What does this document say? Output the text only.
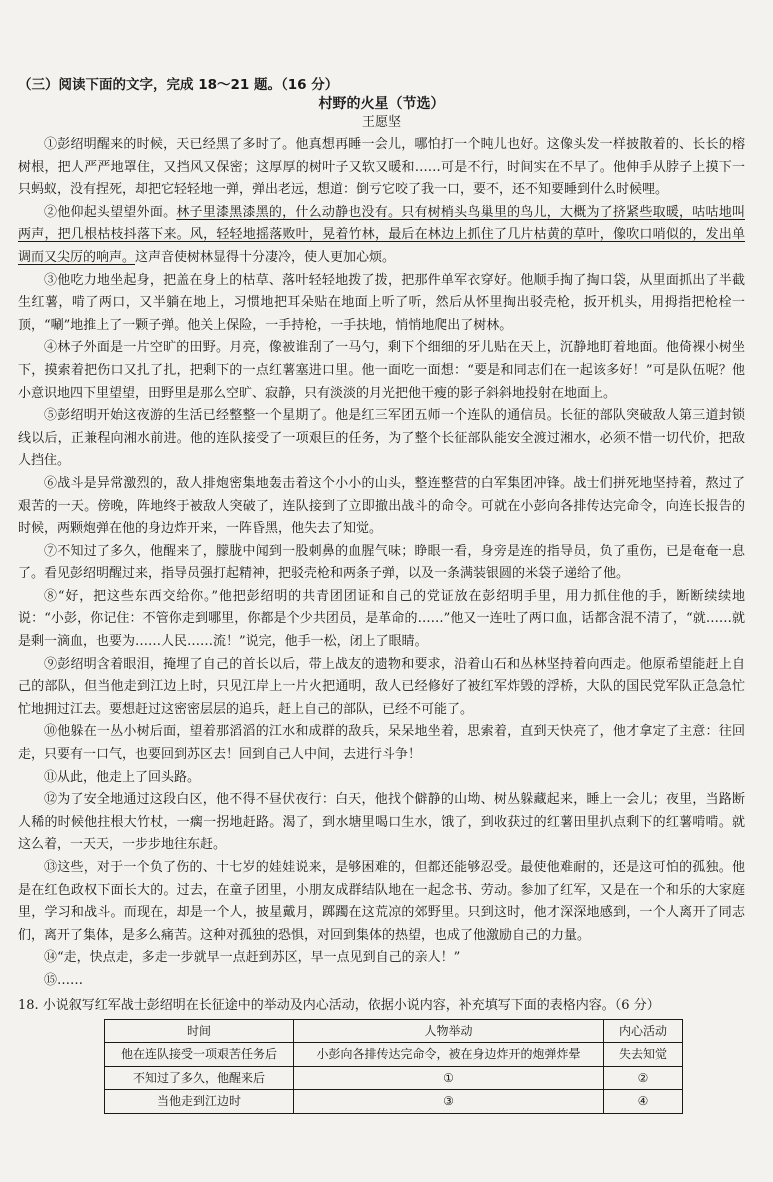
（三）阅读下面的文字，完成 18～21 题。（16 分）
村野的火星（节选）
王愿坚

①彭绍明醒来的时候，天已经黑了多时了。他真想再睡一会儿，哪怕打一个盹儿也好。这像头发一样披散着的、长长的榕树根，把人严严地罩住，又挡风又保密；这厚厚的树叶子又软又暖和……可是不行，时间实在不早了。他伸手从脖子上摸下一只蚂蚁，没有捏死，却把它轻轻地一弹，弹出老远，想道：倒亏它咬了我一口，要不，还不知要睡到什么时候哩。

②他仰起头望望外面。林子里漆黑漆黑的，什么动静也没有。只有树梢头鸟巢里的鸟儿，大概为了挤紧些取暖，咕咕地叫两声，把几根枯枝抖落下来。风，轻轻地摇落败叶，晃着竹林，最后在林边上抓住了几片枯黄的草叶，像吹口哨似的，发出单调而又尖厉的响声。这声音使树林显得十分凄冷，使人更加心烦。

③他吃力地坐起身，把盖在身上的枯草、落叶轻轻地拨了拨，把那件单军衣穿好。他顺手掏了掏口袋，从里面抓出了半截生红薯，啃了两口，又半躺在地上，习惯地把耳朵贴在地面上听了听，然后从怀里掏出驳壳枪，扳开机头，用拇指把枪栓一顶，“唰”地推上了一颗子弹。他关上保险，一手持枪，一手扶地，悄悄地爬出了树林。

④林子外面是一片空旷的田野。月亮，像被谁刮了一马勺，剩下个细细的牙儿贴在天上，沉静地盯着地面。他倚裸小树坐下，摸索着把伤口又扎了扎，把剩下的一点红薯塞进口里。他一面吃一面想：“要是和同志们在一起该多好！”可是队伍呢？他小意识地四下里望望，田野里是那么空旷、寂静，只有淡淡的月光把他干瘦的影子斜斜地投射在地面上。

⑤彭绍明开始这夜游的生活已经整整一个星期了。他是红三军团五师一个连队的通信员。长征的部队突破敌人第三道封锁线以后，正兼程向湘水前进。他的连队接受了一项艰巨的任务，为了整个长征部队能安全渡过湘水，必须不惜一切代价，把敌人挡住。

⑥战斗是异常激烈的，敌人排炮密集地轰击着这个小小的山头，整连整营的白军集团冲锋。战士们拼死地坚持着，熬过了艰苦的一天。傍晚，阵地终于被敌人突破了，连队接到了立即撤出战斗的命令。可就在小彭向各排传达完命令，向连长报告的时候，两颗炮弹在他的身边炸开来，一阵昏黑，他失去了知觉。

⑦不知过了多久，他醒来了，朦胧中闻到一股刺鼻的血腥气味；睁眼一看，身旁是连的指导员，负了重伤，已是奄奄一息了。看见彭绍明醒过来，指导员强打起精神，把驳壳枪和两条子弹，以及一条满装银圆的米袋子递给了他。

⑧“好，把这些东西交给你。”他把彭绍明的共青团团证和自己的党证放在彭绍明手里，用力抓住他的手，断断续续地说：“小彭，你记住：不管你走到哪里，你都是个少共团员，是革命的……”他又一连吐了两口血，话都含混不清了，“就……就是剩一滴血，也要为……人民……流！”说完，他手一松，闭上了眼睛。

⑨彭绍明含着眼泪，掩埋了自己的首长以后，带上战友的遗物和要求，沿着山石和丛林坚持着向西走。他原希望能赶上自己的部队，但当他走到江边上时，只见江岸上一片火把通明，敌人已经修好了被红军炸毁的浮桥，大队的国民党军队正急急忙忙地拥过江去。要想赶过这密密层层的追兵，赶上自己的部队，已经不可能了。

⑩他躲在一丛小树后面，望着那滔滔的江水和成群的敌兵，呆呆地坐着，思索着，直到天快亮了，他才拿定了主意：往回走，只要有一口气，也要回到苏区去！回到自己人中间，去进行斗争！

⑪从此，他走上了回头路。

⑫为了安全地通过这段白区，他不得不昼伏夜行：白天，他找个僻静的山坳、树丛躲藏起来，睡上一会儿；夜里，当路断人稀的时候他拄根大竹杖，一瘸一拐地赶路。渴了，到水塘里喝口生水，饿了，到收获过的红薯田里扒点剩下的红薯啃啃。就这么着，一天天，一步步地往东赶。

⑬这些，对于一个负了伤的、十七岁的娃娃说来，是够困难的，但都还能够忍受。最使他难耐的，还是这可怕的孤独。他是在红色政权下面长大的。过去，在童子团里，小朋友成群结队地在一起念书、劳动。参加了红军，又是在一个和乐的大家庭里，学习和战斗。而现在，却是一个人，披星戴月，踯躅在这荒凉的郊野里。只到这时，他才深深地感到，一个人离开了同志们，离开了集体，是多么痛苦。这种对孤独的恐惧，对回到集体的热望，也成了他激励自己的力量。

⑭“走，快点走，多走一步就早一点赶到苏区，早一点见到自己的亲人！”

⑮……

18. 小说叙写红军战士彭绍明在长征途中的举动及内心活动，依据小说内容，补充填写下面的表格内容。（6 分）
时间	人物举动	内心活动
他在连队接受一项艰苦任务后	小彭向各排传达完命令，被在身边炸开的炮弹炸晕	失去知觉
不知过了多久，他醒来后	①	②
当他走到江边时	③	④
